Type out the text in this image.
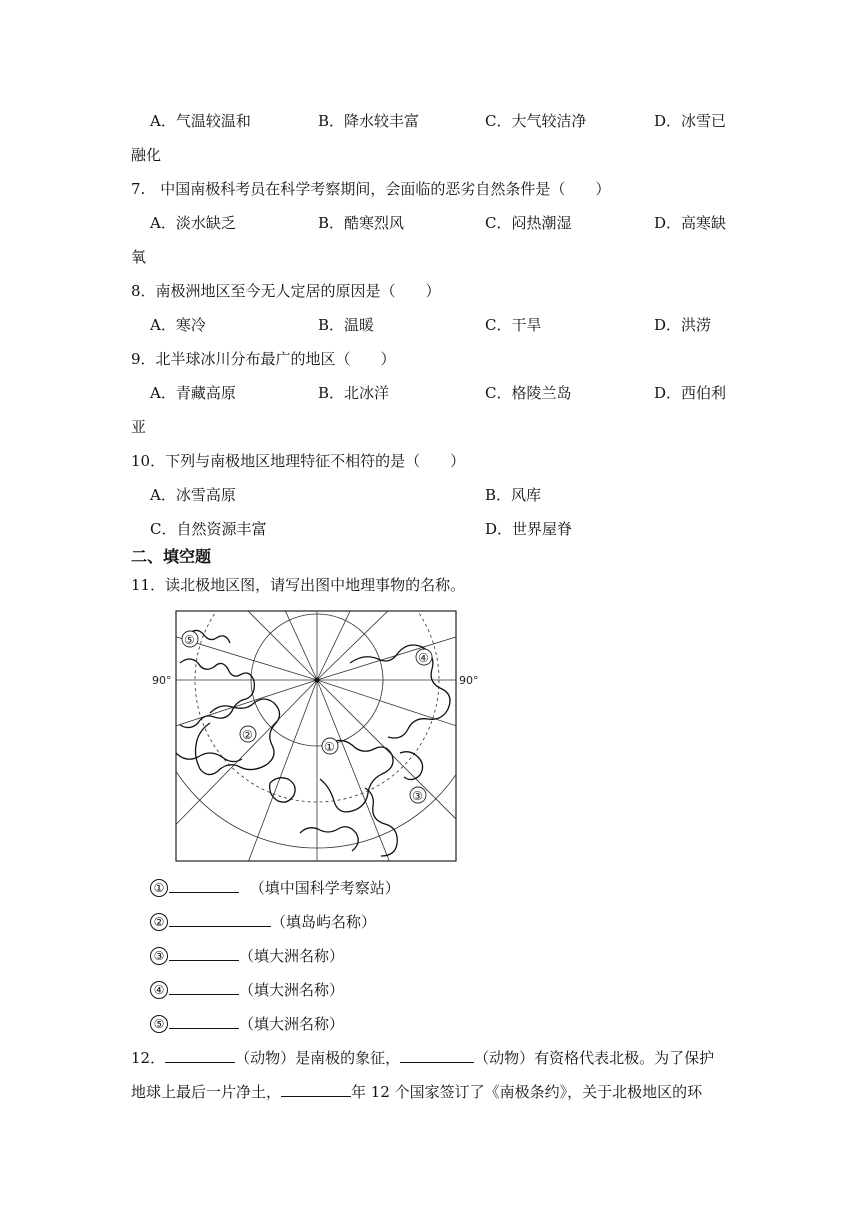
A．气温较温和	B．降水较丰富	C．大气较洁净	D．冰雪已
融化
7.　中国南极科考员在科学考察期间，会面临的恶劣自然条件是（　　）
A．淡水缺乏	B．酷寒烈风	C．闷热潮湿	D．高寒缺
氧
8．南极洲地区至今无人定居的原因是（　　）
A．寒冷	B．温暖	C．干旱	D．洪涝
9．北半球冰川分布最广的地区（　　）
A．青藏高原	B．北冰洋	C．格陵兰岛	D．西伯利
亚
10．下列与南极地区地理特征不相符的是（　　）
A．冰雪高原	B．风库
C．自然资源丰富	D．世界屋脊
二、填空题
11．读北极地区图，请写出图中地理事物的名称。
90°	90°
①
②
③
④
⑤
①	（填中国科学考察站）
②	（填岛屿名称）
③	（填大洲名称）
④	（填大洲名称）
⑤	（填大洲名称）
12．	（动物）是南极的象征，	（动物）有资格代表北极。为了保护
地球上最后一片净土，	年 12 个国家签订了《南极条约》，关于北极地区的环
